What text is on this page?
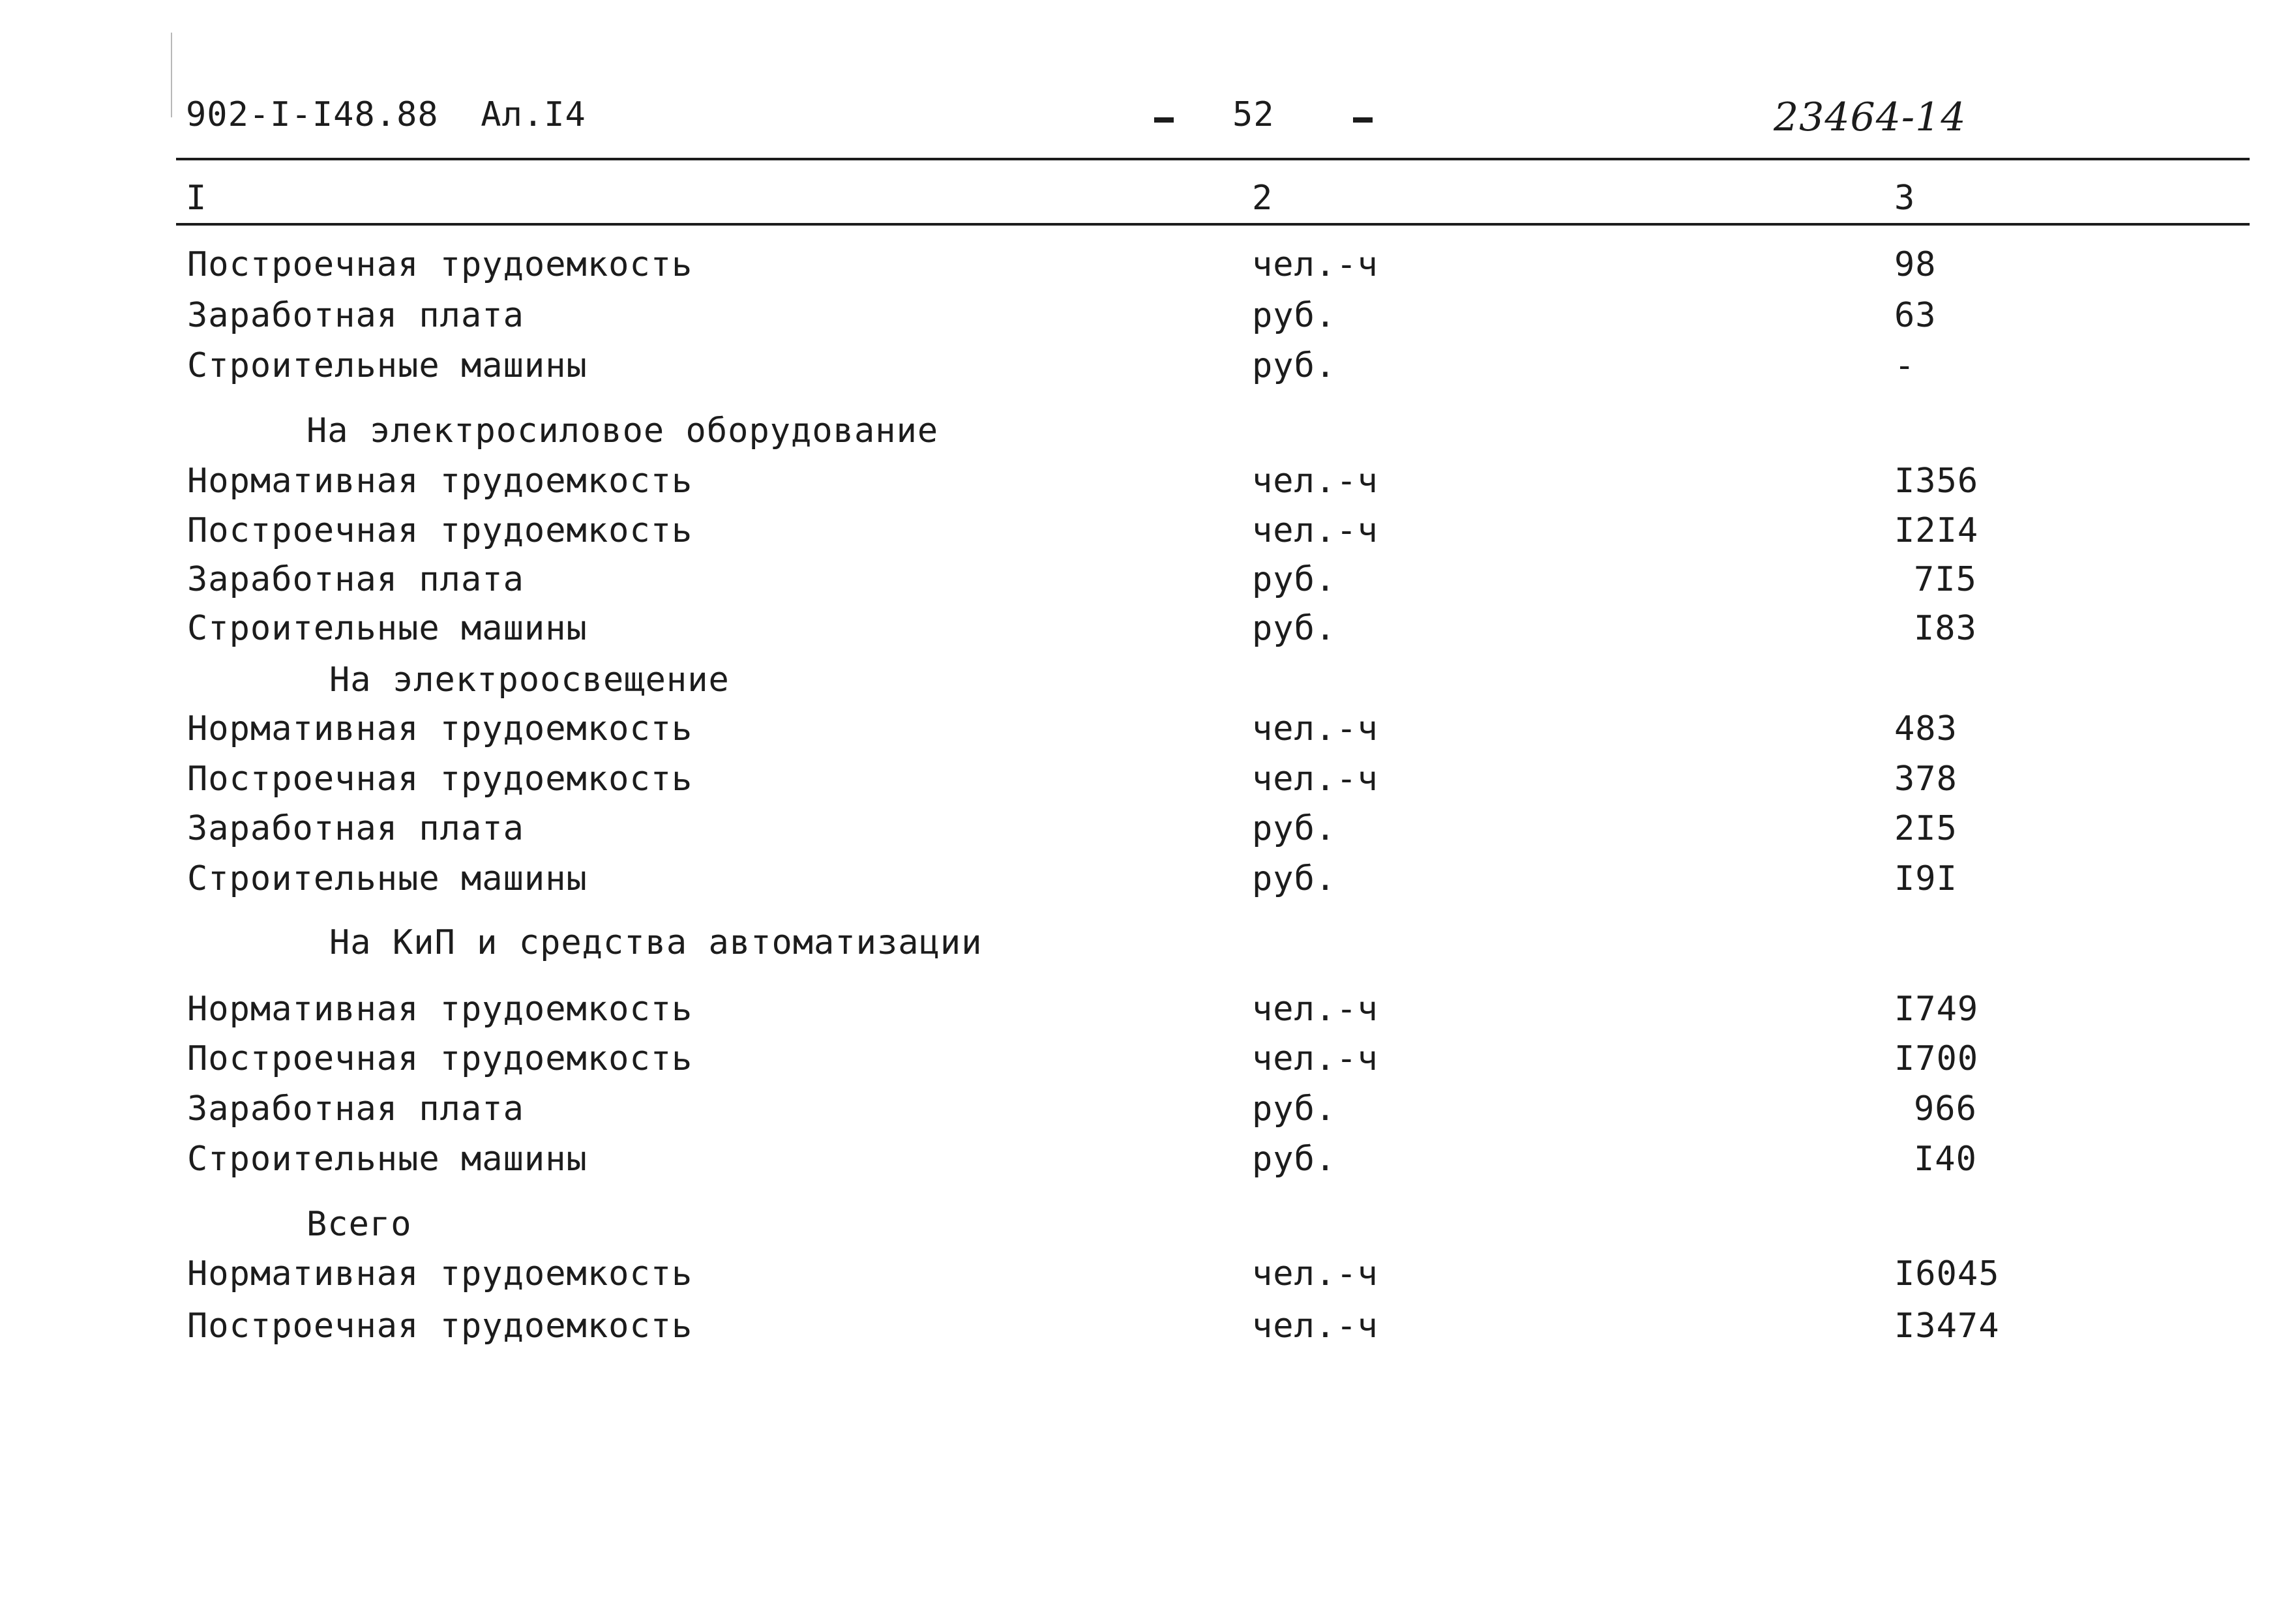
902-I-I48.88  Ал.I4	52	23464-14
I	2	3
Построечная трудоемкость	чел.-ч	98
Заработная плата	руб.	63
Строительные машины	руб.	-
На электросиловое оборудование
Нормативная трудоемкость	чел.-ч	I356
Построечная трудоемкость	чел.-ч	I2I4
Заработная плата	руб.	7I5
Строительные машины	руб.	I83
На электроосвещение
Нормативная трудоемкость	чел.-ч	483
Построечная трудоемкость	чел.-ч	378
Заработная плата	руб.	2I5
Строительные машины	руб.	I9I
На КиП и средства автоматизации
Нормативная трудоемкость	чел.-ч	I749
Построечная трудоемкость	чел.-ч	I700
Заработная плата	руб.	966
Строительные машины	руб.	I40
Всего
Нормативная трудоемкость	чел.-ч	I6045
Построечная трудоемкость	чел.-ч	I3474
